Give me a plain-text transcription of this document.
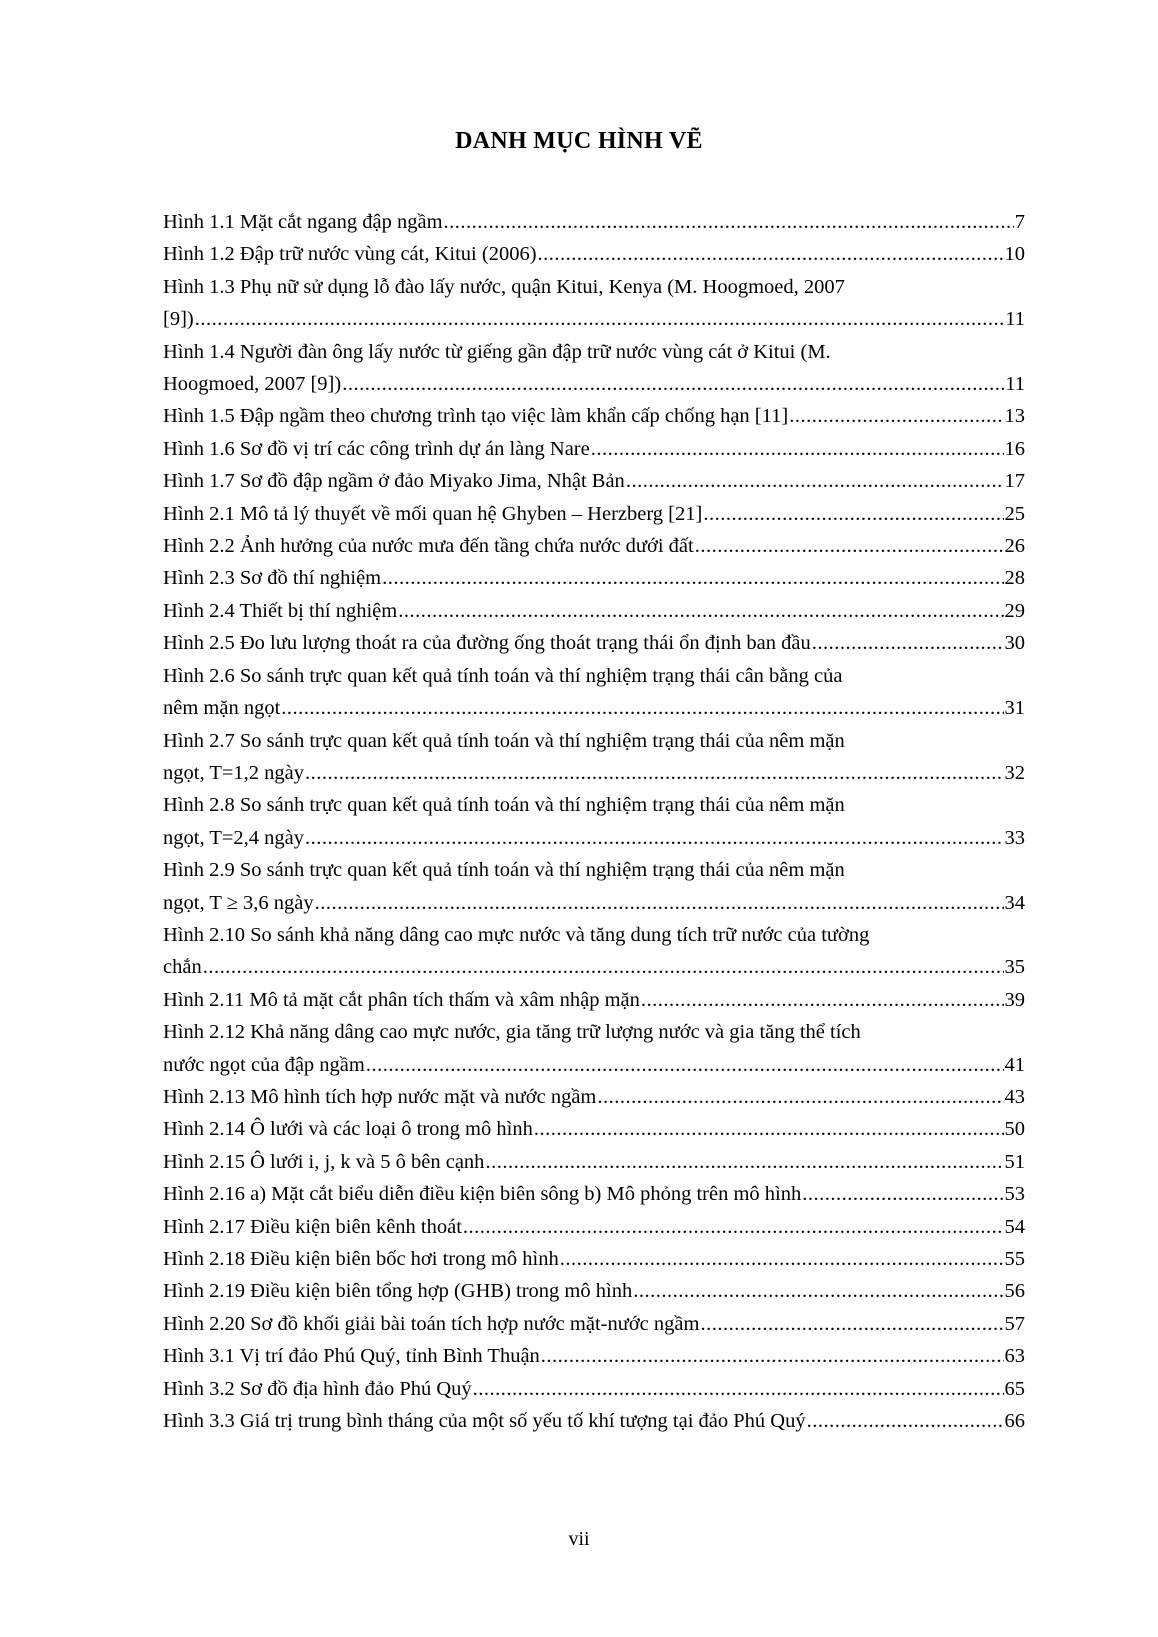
DANH MỤC HÌNH VẼ
Hình 1.1 Mặt cắt ngang đập ngầm .....	7
Hình 1.2 Đập trữ nước vùng cát, Kitui (2006) .....	10
Hình 1.3 Phụ nữ sử dụng lỗ đào lấy nước, quận Kitui, Kenya (M. Hoogmoed, 2007
[9]) .....	11
Hình 1.4 Người đàn ông lấy nước từ giếng gần đập trữ nước vùng cát ở Kitui (M.
Hoogmoed, 2007 [9]) .....	11
Hình 1.5 Đập ngầm theo chương trình tạo việc làm khẩn cấp chống hạn [11] .....	13
Hình 1.6 Sơ đồ vị trí các công trình dự án làng Nare .....	16
Hình 1.7 Sơ đồ đập ngầm ở đảo Miyako Jima, Nhật Bản .....	17
Hình 2.1 Mô tả lý thuyết về mối quan hệ Ghyben – Herzberg [21] .....	25
Hình 2.2 Ảnh hưởng của nước mưa đến tầng chứa nước dưới đất .....	26
Hình 2.3 Sơ đồ thí nghiệm .....	28
Hình 2.4 Thiết bị thí nghiệm .....	29
Hình 2.5 Đo lưu lượng thoát ra của đường ống thoát trạng thái ổn định ban đầu .....	30
Hình 2.6 So sánh trực quan kết quả tính toán và thí nghiệm trạng thái cân bằng của
nêm mặn ngọt .....	31
Hình 2.7 So sánh trực quan kết quả tính toán và thí nghiệm trạng thái của nêm mặn
ngọt, T=1,2 ngày .....	32
Hình 2.8 So sánh trực quan kết quả tính toán và thí nghiệm trạng thái của nêm mặn
ngọt, T=2,4 ngày .....	33
Hình 2.9 So sánh trực quan kết quả tính toán và thí nghiệm trạng thái của nêm mặn
ngọt, T ≥ 3,6 ngày .....	34
Hình 2.10 So sánh khả năng dâng cao mực nước và tăng dung tích trữ nước của tường
chắn .....	35
Hình 2.11 Mô tả mặt cắt phân tích thấm và xâm nhập mặn .....	39
Hình 2.12 Khả năng dâng cao mực nước, gia tăng trữ lượng nước và gia tăng thể tích
nước ngọt của đập ngầm .....	41
Hình 2.13 Mô hình tích hợp nước mặt và nước ngầm .....	43
Hình 2.14 Ô lưới và các loại ô trong mô hình .....	50
Hình 2.15 Ô lưới i, j, k và 5 ô bên cạnh .....	51
Hình 2.16 a) Mặt cắt biểu diễn điều kiện biên sông b) Mô phỏng trên mô hình .....	53
Hình 2.17 Điều kiện biên kênh thoát .....	54
Hình 2.18 Điều kiện biên bốc hơi trong mô hình .....	55
Hình 2.19 Điều kiện biên tổng hợp (GHB) trong mô hình .....	56
Hình 2.20 Sơ đồ khối giải bài toán tích hợp nước mặt-nước ngầm .....	57
Hình 3.1 Vị trí đảo Phú Quý, tỉnh Bình Thuận .....	63
Hình 3.2 Sơ đồ địa hình đảo Phú Quý .....	65
Hình 3.3 Giá trị trung bình tháng của một số yếu tố khí tượng tại đảo Phú Quý .....	66
vii
